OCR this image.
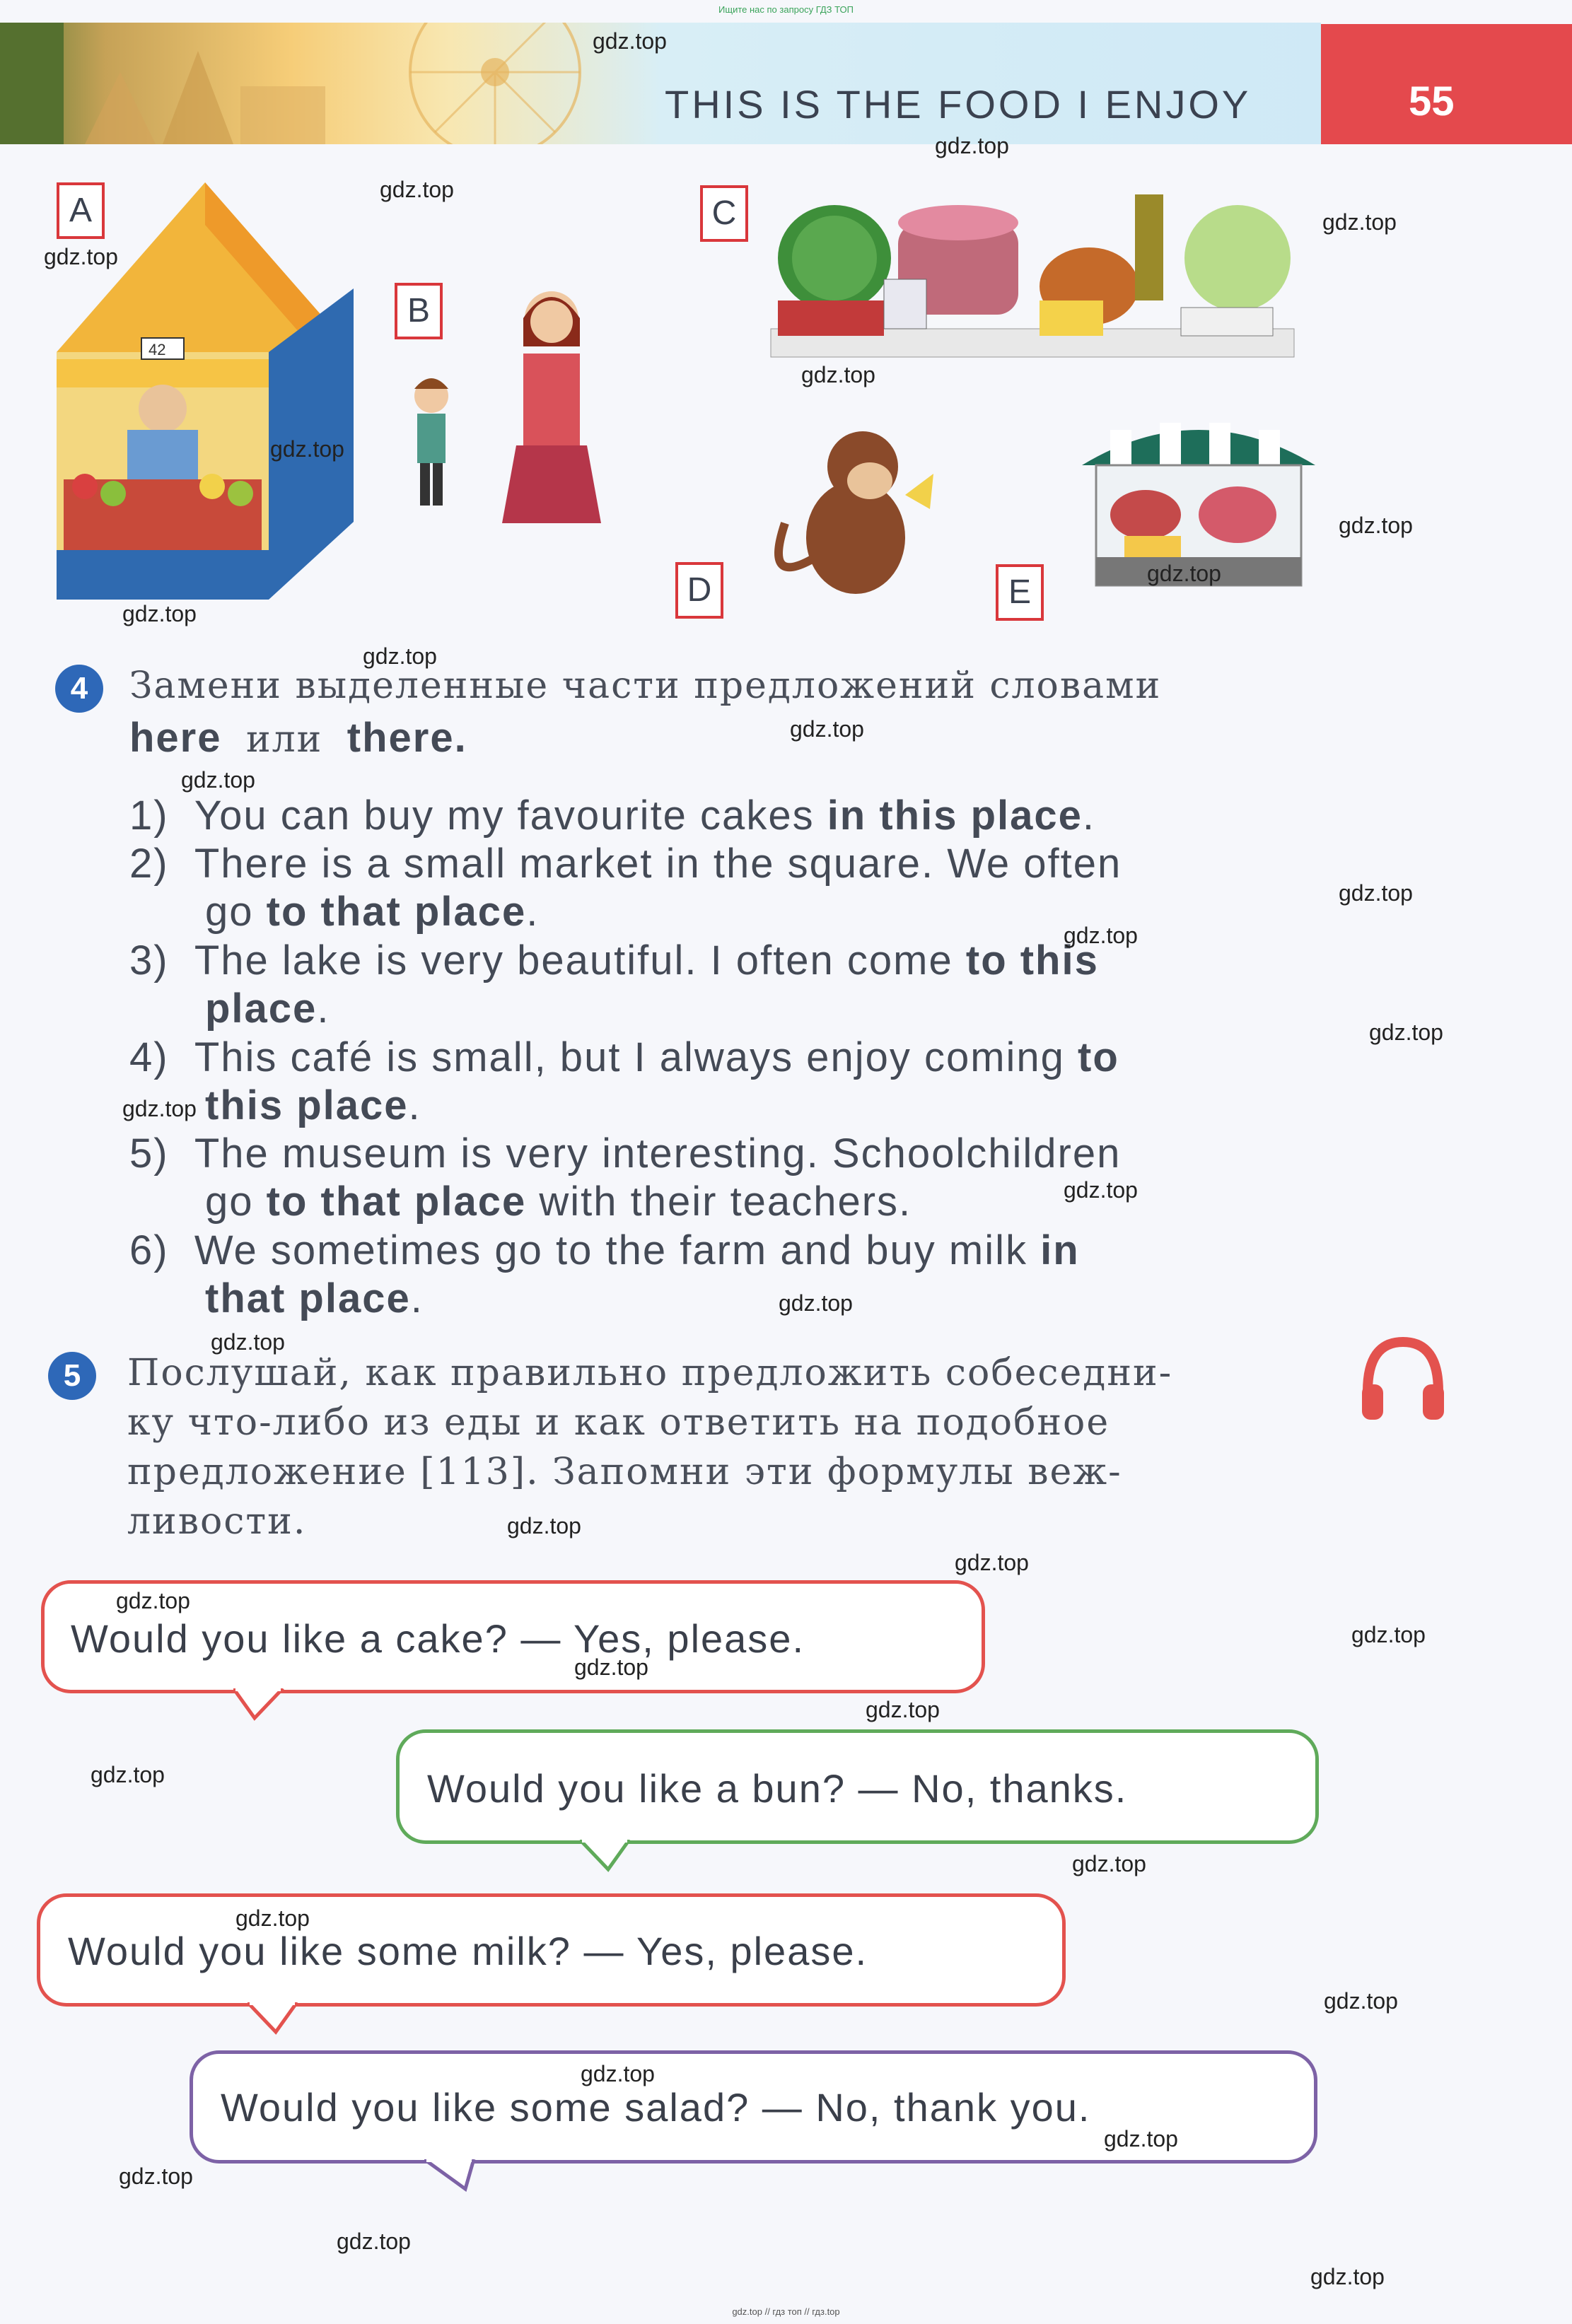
Ищите нас по запросу ГДЗ ТОП
THIS IS THE FOOD I ENJOY	55
A
42
B
C
D	E
4	Замени выделенные части предложений словами
here или there.
1) You can buy my favourite cakes in this place.
2) There is a small market in the square. We often
go to that place.
3) The lake is very beautiful. I often come to this
place.
4) This café is small, but I always enjoy coming to
this place.
5) The museum is very interesting. Schoolchildren
go to that place with their teachers.
6) We sometimes go to the farm and buy milk in
that place.
5	Послушай, как правильно предложить собеседни-
ку что-либо из еды и как ответить на подобное
предложение [113]. Запомни эти формулы веж-
ливости.
Would you like a cake? — Yes, please.
Would you like a bun? — No, thanks.
Would you like some milk? — Yes, please.
Would you like some salad? — No, thank you.
gdz.top
gdz.top
gdz.top
gdz.top
gdz.top
gdz.top
gdz.top
gdz.top
gdz.top
gdz.top
gdz.top
gdz.top
gdz.top
gdz.top
gdz.top
gdz.top
gdz.top
gdz.top
gdz.top
gdz.top
gdz.top
gdz.top
gdz.top
gdz.top
gdz.top
gdz.top
gdz.top
gdz.top
gdz.top
gdz.top
gdz.top
gdz.top
gdz.top
gdz.top
gdz.top
gdz.top // гдз топ // гдз.top
